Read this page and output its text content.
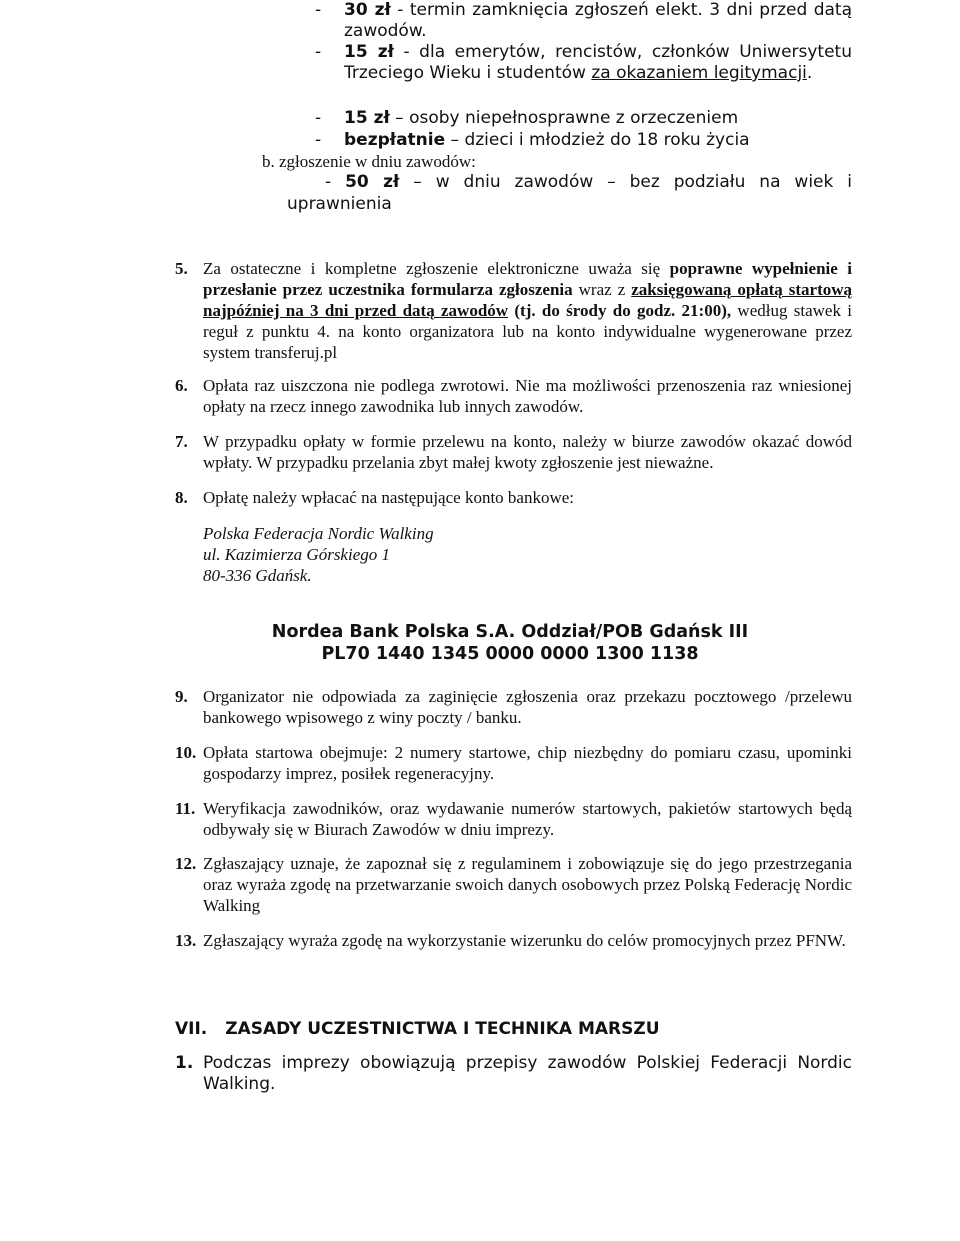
-	30 zł - termin zamknięcia zgłoszeń elekt. 3 dni przed datą zawodów.
-	15 zł - dla emerytów, rencistów, członków Uniwersytetu Trzeciego Wieku i studentów za okazaniem legitymacji.
-	15 zł – osoby niepełnosprawne z orzeczeniem
-	bezpłatnie – dzieci i młodzież do 18 roku życia
b. zgłoszenie w dniu zawodów:
- 50 zł – w dniu zawodów – bez podziału na wiek i
uprawnienia
5. Za ostateczne i kompletne zgłoszenie elektroniczne uważa się poprawne wypełnienie i przesłanie przez uczestnika formularza zgłoszenia wraz z zaksięgowaną opłatą startową najpóźniej na 3 dni przed datą zawodów (tj. do środy do godz. 21:00), według stawek i reguł z punktu 4. na konto organizatora lub na konto indywidualne wygenerowane przez system transferuj.pl
6. Opłata raz uiszczona nie podlega zwrotowi. Nie ma możliwości przenoszenia raz wniesionej opłaty na rzecz innego zawodnika lub innych zawodów.
7. W przypadku opłaty w formie przelewu na konto, należy w biurze zawodów okazać dowód wpłaty. W przypadku przelania zbyt małej kwoty zgłoszenie jest nieważne.
8. Opłatę należy wpłacać na następujące konto bankowe:
Polska Federacja Nordic Walking
ul. Kazimierza Górskiego 1
80-336 Gdańsk.
Nordea Bank Polska S.A. Oddział/POB Gdańsk III
PL70 1440 1345 0000 0000 1300 1138
9. Organizator nie odpowiada za zaginięcie zgłoszenia oraz przekazu pocztowego /przelewu bankowego wpisowego z winy poczty / banku.
10. Opłata startowa obejmuje: 2 numery startowe, chip niezbędny do pomiaru czasu, upominki gospodarzy imprez, posiłek regeneracyjny.
11. Weryfikacja zawodników, oraz wydawanie numerów startowych, pakietów startowych będą odbywały się w Biurach Zawodów w dniu imprezy.
12. Zgłaszający uznaje, że zapoznał się z regulaminem i zobowiązuje się do jego przestrzegania oraz wyraża zgodę na przetwarzanie swoich danych osobowych przez Polską Federację Nordic Walking
13. Zgłaszający wyraża zgodę na wykorzystanie wizerunku do celów promocyjnych przez PFNW.
VII. ZASADY UCZESTNICTWA I TECHNIKA MARSZU
1. Podczas imprezy obowiązują przepisy zawodów Polskiej Federacji Nordic Walking.
